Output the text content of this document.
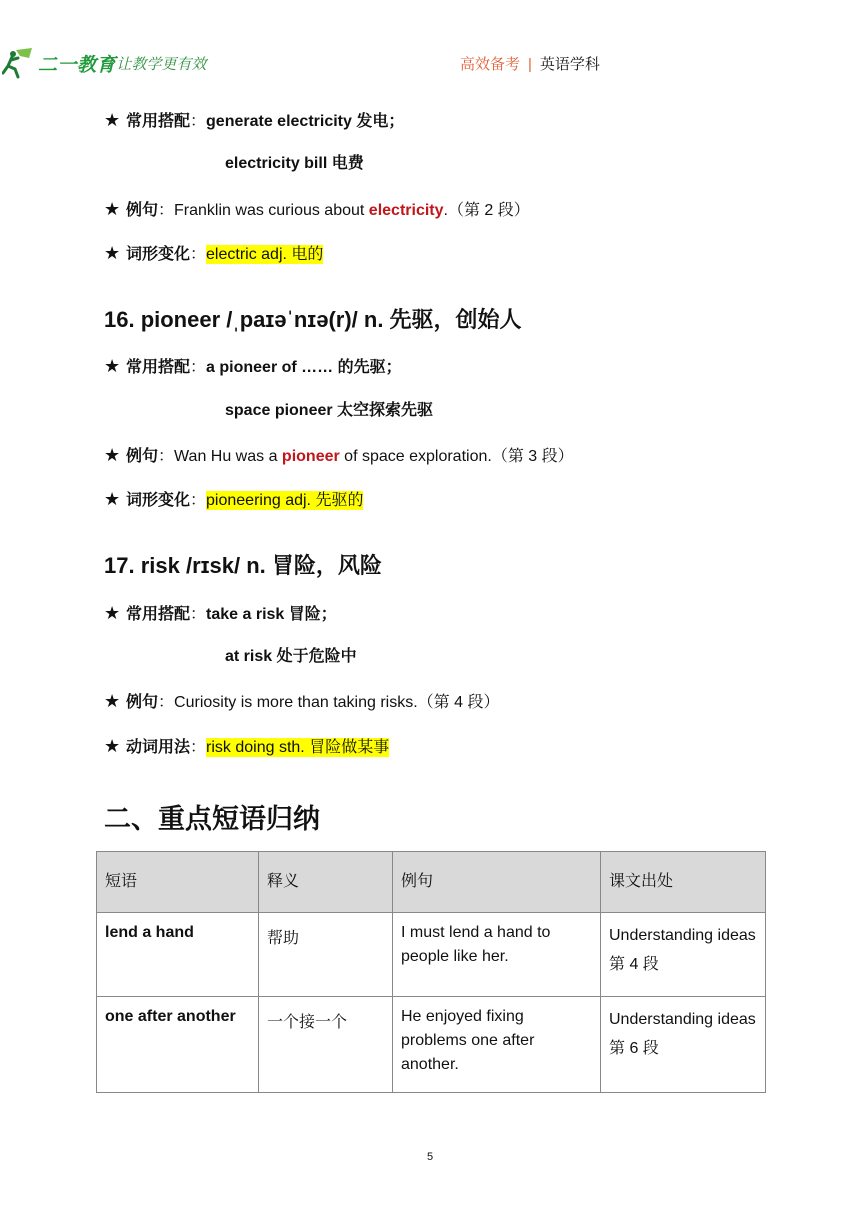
二一教育
/ 让教学更有效	高效备考 | 英语学科
★ 常用搭配：generate electricity 发电；
electricity bill 电费
★ 例句：Franklin was curious about electricity.（第 2 段）
★ 词形变化：electric adj. 电的
16. pioneer /ˌpaɪəˈnɪə(r)/ n. 先驱，创始人
★ 常用搭配：a pioneer of …… 的先驱；
space pioneer 太空探索先驱
★ 例句：Wan Hu was a pioneer of space exploration.（第 3 段）
★ 词形变化：pioneering adj. 先驱的
17. risk /rɪsk/ n. 冒险，风险
★ 常用搭配：take a risk 冒险；
at risk 处于危险中
★ 例句：Curiosity is more than taking risks.（第 4 段）
★ 动词用法：risk doing sth. 冒险做某事
二、重点短语归纳
短语	释义	例句	课文出处
lend a hand	帮助	I must lend a hand to people like her.	Understanding ideas 第 4 段
one after another	一个接一个	He enjoyed fixing problems one after another.	Understanding ideas 第 6 段
5
